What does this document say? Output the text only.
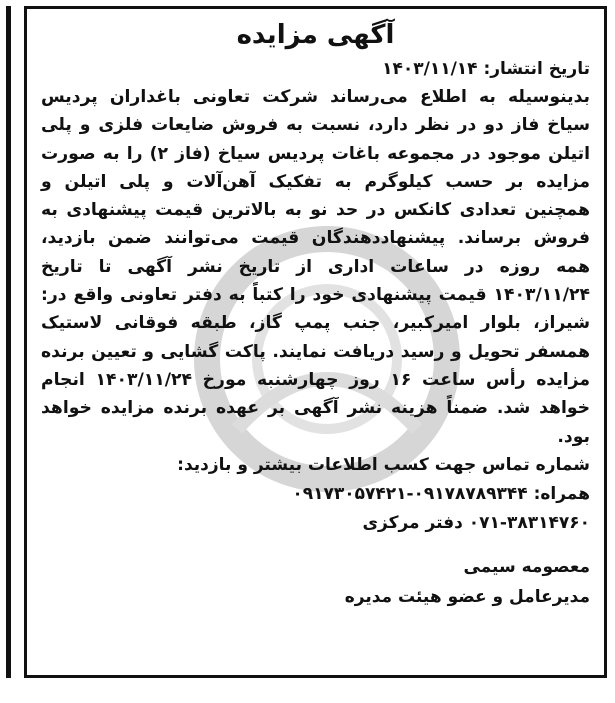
آگهی مزایده

تاریخ انتشار: ۱۴۰۳/۱۱/۱۴

بدینوسیله به اطلاع می‌رساند شرکت تعاونی باغداران پردیس سیاخ فاز دو در نظر دارد، نسبت به فروش ضایعات فلزی و پلی اتیلن موجود در مجموعه باغات پردیس سیاخ (فاز ۲) را به صورت مزایده بر حسب کیلوگرم به تفکیک آهن‌آلات و پلی اتیلن و همچنین تعدادی کانکس در حد نو به بالاترین قیمت پیشنهادی به فروش برساند. پیشنهاددهندگان قیمت می‌توانند ضمن بازدید، همه روزه در ساعات اداری از تاریخ نشر آگهی تا تاریخ ۱۴۰۳/۱۱/۲۴ قیمت پیشنهادی خود را کتباً به دفتر تعاونی واقع در: شیراز، بلوار امیرکبیر، جنب پمپ گاز، طبقه فوقانی لاستیک همسفر تحویل و رسید دریافت نمایند. پاکت گشایی و تعیین برنده مزایده رأس ساعت ۱۶ روز چهارشنبه مورخ ۱۴۰۳/۱۱/۲۴ انجام خواهد شد. ضمناً هزینه نشر آگهی بر عهده برنده مزایده خواهد بود.

شماره تماس جهت کسب اطلاعات بیشتر و بازدید:

همراه: ۰۹۱۷۸۷۸۹۳۴۴-۰۹۱۷۳۰۵۷۴۲۱

۰۷۱-۳۸۳۱۴۷۶۰ دفتر مرکزی

معصومه سیمی

مدیرعامل و عضو هیئت مدیره
